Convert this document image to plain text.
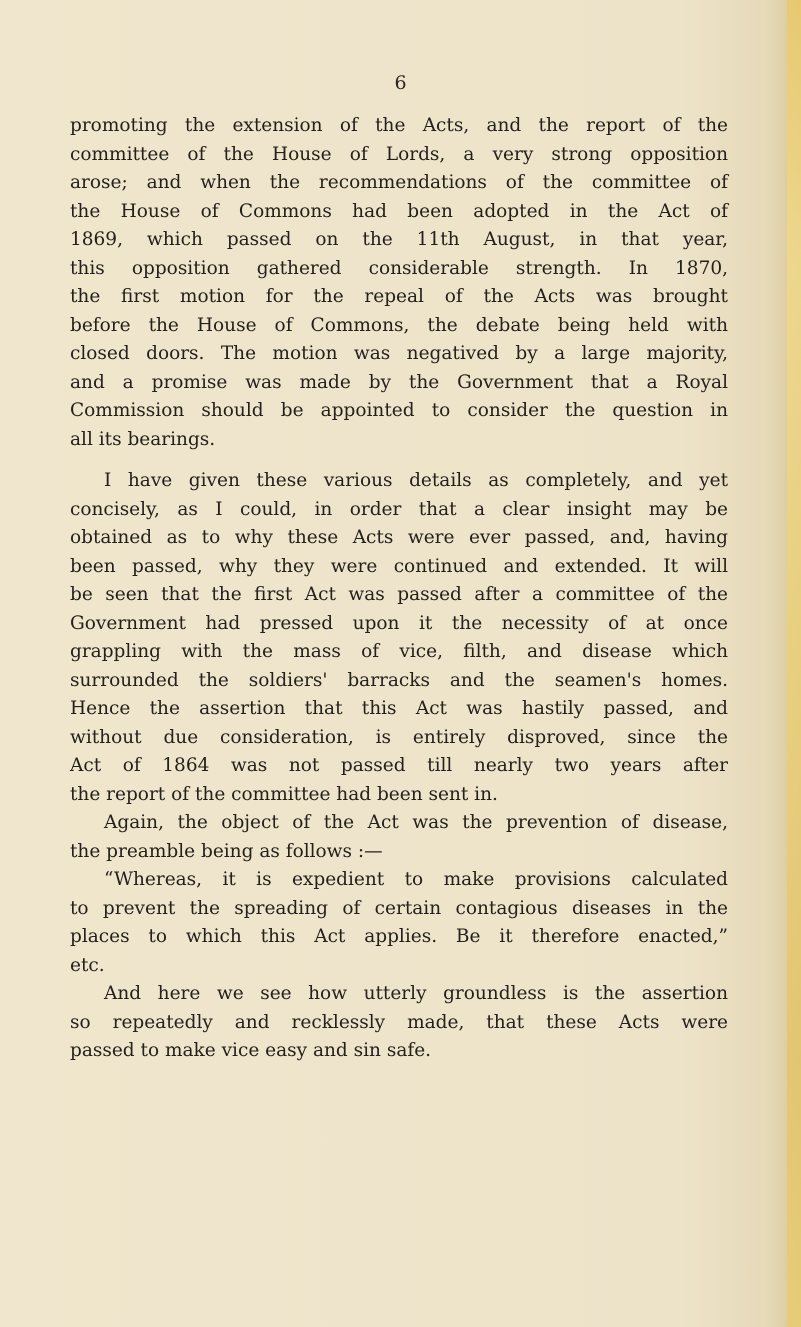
6
promoting the extension of the Acts, and the report of the
committee of the House of Lords, a very strong opposition
arose; and when the recommendations of the committee of
the House of Commons had been adopted in the Act of
1869, which passed on the 11th August, in that year,
this opposition gathered considerable strength. In 1870,
the first motion for the repeal of the Acts was brought
before the House of Commons, the debate being held with
closed doors. The motion was negatived by a large majority,
and a promise was made by the Government that a Royal
Commission should be appointed to consider the question in
all its bearings.
I have given these various details as completely, and yet
concisely, as I could, in order that a clear insight may be
obtained as to why these Acts were ever passed, and, having
been passed, why they were continued and extended. It will
be seen that the first Act was passed after a committee of the
Government had pressed upon it the necessity of at once
grappling with the mass of vice, filth, and disease which
surrounded the soldiers' barracks and the seamen's homes.
Hence the assertion that this Act was hastily passed, and
without due consideration, is entirely disproved, since the
Act of 1864 was not passed till nearly two years after
the report of the committee had been sent in.
Again, the object of the Act was the prevention of disease,
the preamble being as follows :—
“Whereas, it is expedient to make provisions calculated
to prevent the spreading of certain contagious diseases in the
places to which this Act applies. Be it therefore enacted,”
etc.
And here we see how utterly groundless is the assertion
so repeatedly and recklessly made, that these Acts were
passed to make vice easy and sin safe.
